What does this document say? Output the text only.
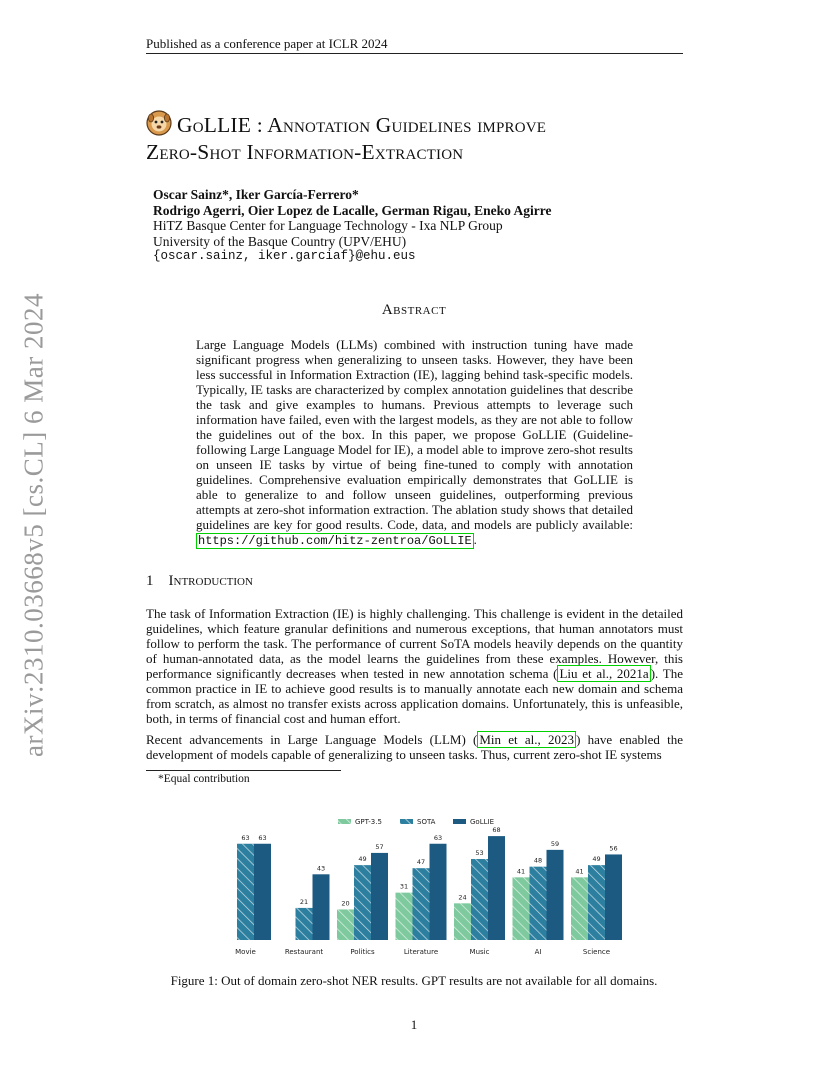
Published as a conference paper at ICLR 2024
arXiv:2310.03668v5 [cs.CL] 6 Mar 2024
GoLLIE : Annotation Guidelines improve
Zero-Shot Information-Extraction
Oscar Sainz*, Iker García-Ferrero*
Rodrigo Agerri, Oier Lopez de Lacalle, German Rigau, Eneko Agirre
HiTZ Basque Center for Language Technology - Ixa NLP Group
University of the Basque Country (UPV/EHU)
{oscar.sainz, iker.garciaf}@ehu.eus
Abstract
Large Language Models (LLMs) combined with instruction tuning have made significant progress when generalizing to unseen tasks. However, they have been less successful in Information Extraction (IE), lagging behind task-specific models. Typically, IE tasks are characterized by complex annotation guidelines that describe the task and give examples to humans. Previous attempts to leverage such information have failed, even with the largest models, as they are not able to follow the guidelines out of the box. In this paper, we propose GoLLIE (Guideline-following Large Language Model for IE), a model able to improve zero-shot results on unseen IE tasks by virtue of being fine-tuned to comply with annotation guidelines. Comprehensive evaluation empirically demonstrates that GoLLIE is able to generalize to and follow unseen guidelines, outperforming previous attempts at zero-shot information extraction. The ablation study shows that detailed guidelines are key for good results. Code, data, and models are publicly available: https://github.com/hitz-zentroa/GoLLIE .
1 Introduction
The task of Information Extraction (IE) is highly challenging. This challenge is evident in the detailed guidelines, which feature granular definitions and numerous exceptions, that human annotators must follow to perform the task. The performance of current SoTA models heavily depends on the quantity of human-annotated data, as the model learns the guidelines from these examples. However, this performance significantly decreases when tested in new annotation schema ( Liu et al., 2021a ). The common practice in IE to achieve good results is to manually annotate each new domain and schema from scratch, as almost no transfer exists across application domains. Unfortunately, this is unfeasible, both, in terms of financial cost and human effort.
Recent advancements in Large Language Models (LLM) ( Min et al., 2023 ) have enabled the development of models capable of generalizing to unseen tasks. Thus, current zero-shot IE systems
*Equal contribution
GPT-3.5	SOTA	GoLLIE
63 63
Movie
21
43
Restaurant
20
49
57
Politics
31
47
63
Literature
24
53
68
Music
41
48
59
AI
41
49
56
Science
Figure 1: Out of domain zero-shot NER results. GPT results are not available for all domains.
1
